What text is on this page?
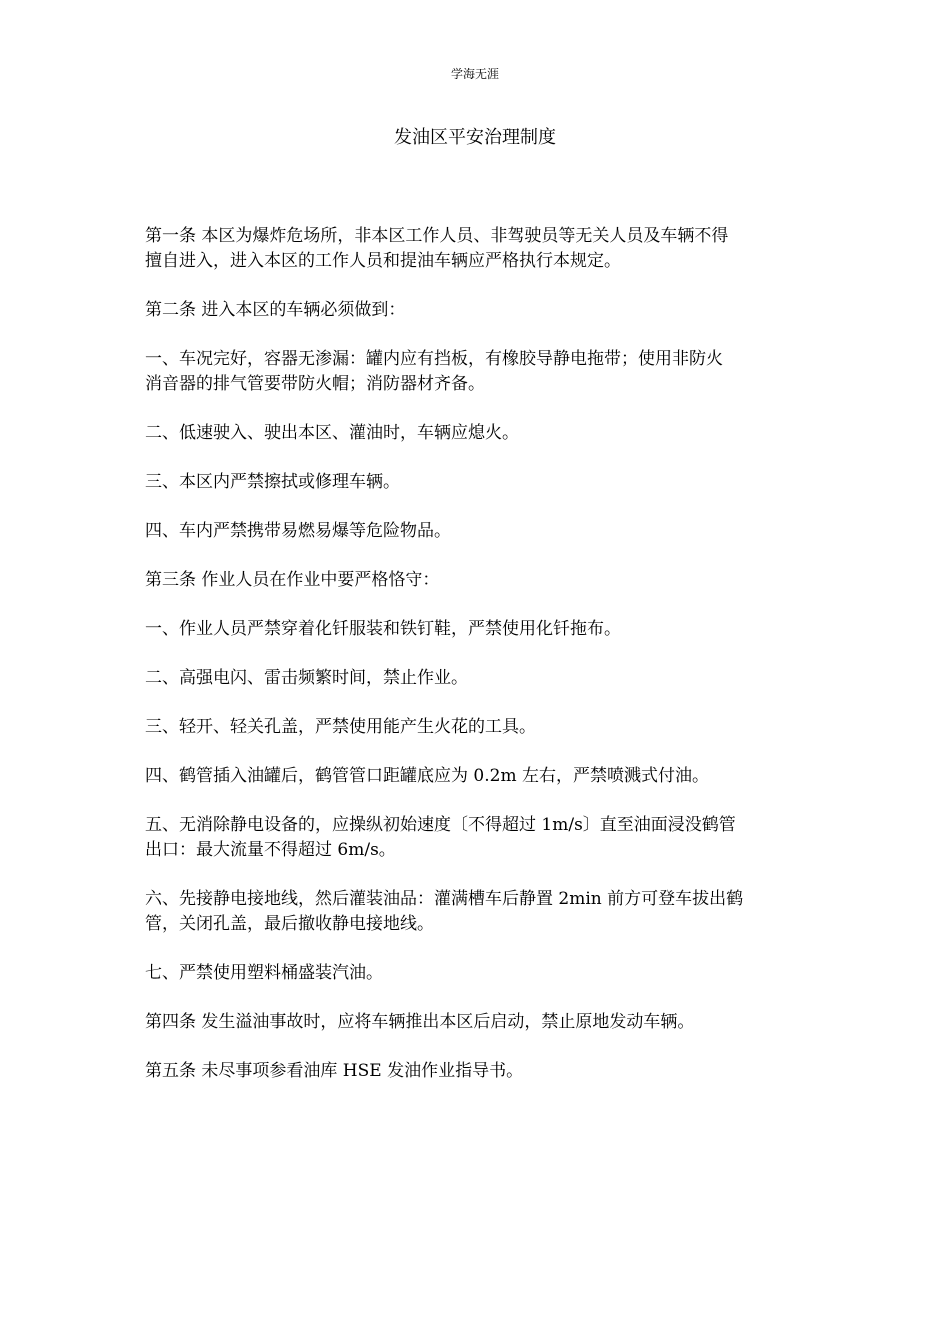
学海无涯
发油区平安治理制度

第一条 本区为爆炸危场所，非本区工作人员、非驾驶员等无关人员及车辆不得
擅自进入，进入本区的工作人员和提油车辆应严格执行本规定。

第二条 进入本区的车辆必须做到：

一、车况完好，容器无渗漏：罐内应有挡板，有橡胶导静电拖带；使用非防火
消音器的排气管要带防火帽；消防器材齐备。

二、低速驶入、驶出本区、灌油时，车辆应熄火。

三、本区内严禁擦拭或修理车辆。

四、车内严禁携带易燃易爆等危险物品。

第三条 作业人员在作业中要严格恪守：

一、作业人员严禁穿着化钎服装和铁钉鞋，严禁使用化钎拖布。

二、高强电闪、雷击频繁时间，禁止作业。

三、轻开、轻关孔盖，严禁使用能产生火花的工具。

四、鹤管插入油罐后，鹤管管口距罐底应为 0.2m 左右，严禁喷溅式付油。

五、无消除静电设备的，应操纵初始速度〔不得超过 1m/s〕直至油面浸没鹤管
出口：最大流量不得超过 6m/s。

六、先接静电接地线，然后灌装油品：灌满槽车后静置 2min 前方可登车拔出鹤
管，关闭孔盖，最后撤收静电接地线。

七、严禁使用塑料桶盛装汽油。

第四条 发生溢油事故时，应将车辆推出本区后启动，禁止原地发动车辆。

第五条 未尽事项参看油库 HSE 发油作业指导书。
